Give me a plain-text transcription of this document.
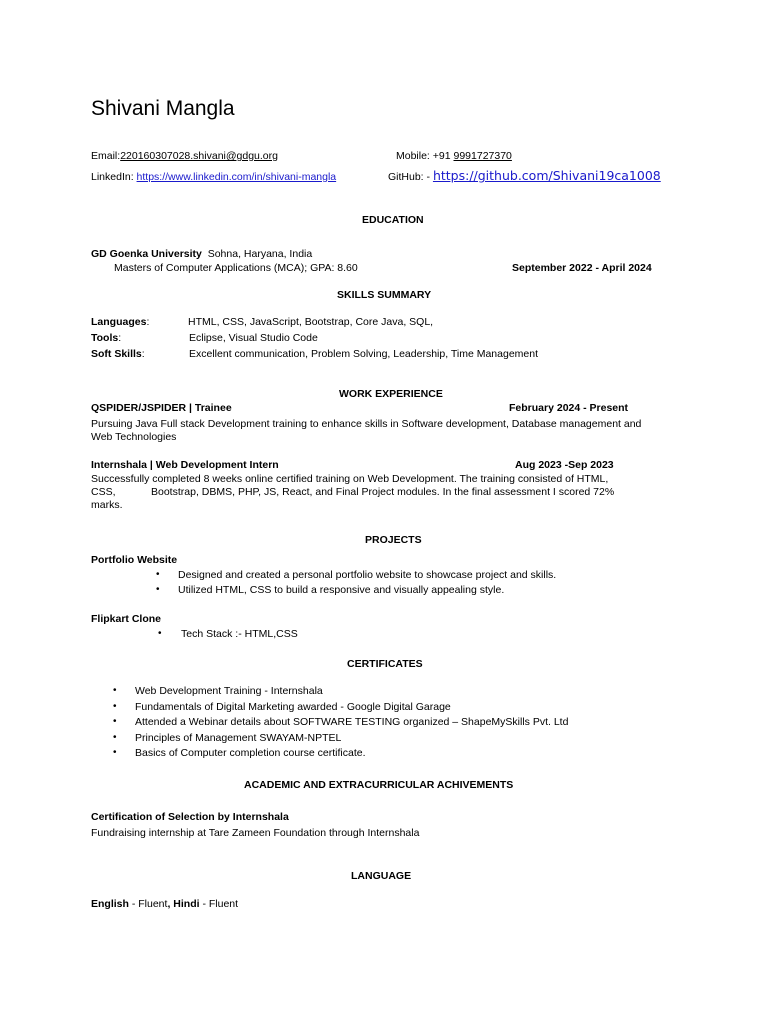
Shivani Mangla
Email:220160307028.shivani@gdgu.org	Mobile: +91 9991727370
LinkedIn: https://www.linkedin.com/in/shivani-mangla	GitHub: - https://github.com/Shivani19ca1008
EDUCATION
GD Goenka University Sohna, Haryana, India
Masters of Computer Applications (MCA); GPA: 8.60	September 2022 - April 2024
SKILLS SUMMARY
Languages:	HTML, CSS, JavaScript, Bootstrap, Core Java, SQL,
Tools:	Eclipse, Visual Studio Code
Soft Skills:	Excellent communication, Problem Solving, Leadership, Time Management
WORK EXPERIENCE
QSPIDER/JSPIDER | Trainee	February 2024 - Present
Pursuing Java Full stack Development training to enhance skills in Software development, Database management and
Web Technologies
Internshala | Web Development Intern	Aug 2023 -Sep 2023
Successfully completed 8 weeks online certified training on Web Development. The training consisted of HTML,
CSS,	Bootstrap, DBMS, PHP, JS, React, and Final Project modules. In the final assessment I scored 72%
marks.
PROJECTS
Portfolio Website
• Designed and created a personal portfolio website to showcase project and skills.
• Utilized HTML, CSS to build a responsive and visually appealing style.
Flipkart Clone
• Tech Stack :- HTML,CSS
CERTIFICATES
• Web Development Training - Internshala
• Fundamentals of Digital Marketing awarded - Google Digital Garage
• Attended a Webinar details about SOFTWARE TESTING organized – ShapeMySkills Pvt. Ltd
• Principles of Management SWAYAM-NPTEL
• Basics of Computer completion course certificate.
ACADEMIC AND EXTRACURRICULAR ACHIVEMENTS
Certification of Selection by Internshala
Fundraising internship at Tare Zameen Foundation through Internshala
LANGUAGE
English - Fluent, Hindi - Fluent
